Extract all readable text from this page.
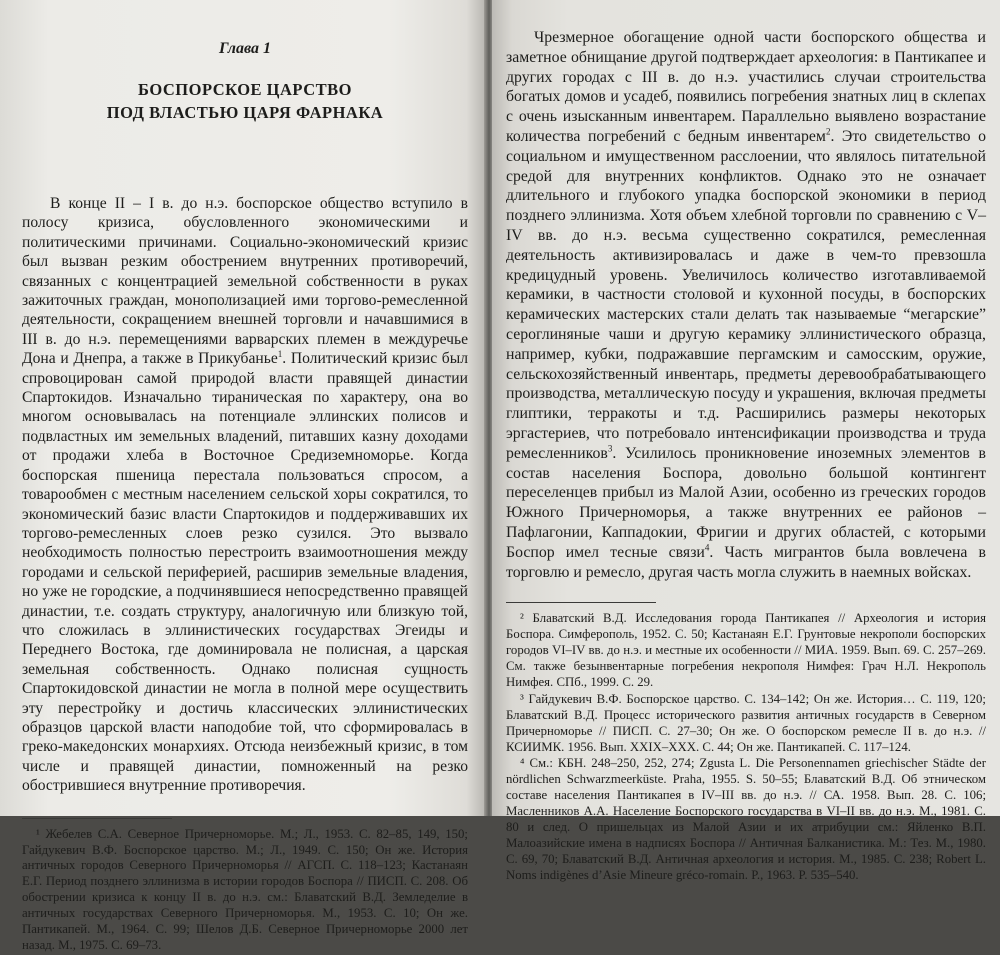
Глава 1
БОСПОРСКОЕ ЦАРСТВО
ПОД ВЛАСТЬЮ ЦАРЯ ФАРНАКА

В конце II – I в. до н.э. боспорское общество вступило в полосу кризиса, обусловленного экономическими и политическими причинами. Социально-экономический кризис был вызван резким обострением внутренних противоречий, связанных с концентрацией земельной собственности в руках зажиточных граждан, монополизацией ими торгово-ремесленной деятельности, сокращением внешней торговли и начавшимися в III в. до н.э. перемещениями варварских племен в междуречье Дона и Днепра, а также в Прикубанье$^1$. Политический кризис был спровоцирован самой природой власти правящей династии Спартокидов. Изначально тираническая по характеру, она во многом основывалась на потенциале эллинских полисов и подвластных им земельных владений, питавших казну доходами от продажи хлеба в Восточное Средиземноморье. Когда боспорская пшеница перестала пользоваться спросом, а товарообмен с местным населением сельской хоры сократился, то экономический базис власти Спартокидов и поддерживавших их торгово-ремесленных слоев резко сузился. Это вызвало необходимость полностью перестроить взаимоотношения между городами и сельской периферией, расширив земельные владения, но уже не городские, а подчинявшиеся непосредственно правящей династии, т.е. создать структуру, аналогичную или близкую той, что сложилась в эллинистических государствах Эгеиды и Переднего Востока, где доминировала не полисная, а царская земельная собственность. Однако полисная сущность Спартокидовской династии не могла в полной мере осуществить эту перестройку и достичь классических эллинистических образцов царской власти наподобие той, что сформировалась в греко-македонских монархиях. Отсюда неизбежный кризис, в том числе и правящей династии, помноженный на резко обострившиеся внутренние противоречия.

¹ Жебелев С.А. Северное Причерноморье. М.; Л., 1953. С. 82–85, 149, 150; Гайдукевич В.Ф. Боспорское царство. М.; Л., 1949. С. 150; Он же. История античных городов Северного Причерноморья // АГСП. С. 118–123; Кастанаян Е.Г. Период позднего эллинизма в истории городов Боспора // ПИСП. С. 208. Об обострении кризиса к концу II в. до н.э. см.: Блаватский В.Д. Земледелие в античных государствах Северного Причерноморья. М., 1953. С. 10; Он же. Пантикапей. М., 1964. С. 99; Шелов Д.Б. Северное Причерноморье 2000 лет назад. М., 1975. С. 69–73.

Чрезмерное обогащение одной части боспорского общества и заметное обнищание другой подтверждает археология: в Пантикапее и других городах с III в. до н.э. участились случаи строительства богатых домов и усадеб, появились погребения знатных лиц в склепах с очень изысканным инвентарем. Параллельно выявлено возрастание количества погребений с бедным инвентарем$^2$. Это свидетельство о социальном и имущественном расслоении, что являлось питательной средой для внутренних конфликтов. Однако это не означает длительного и глубокого упадка боспорской экономики в период позднего эллинизма. Хотя объем хлебной торговли по сравнению с V–IV вв. до н.э. весьма существенно сократился, ремесленная деятельность активизировалась и даже в чем-то превзошла кредицудный уровень. Увеличилось количество изготавливаемой керамики, в частности столовой и кухонной посуды, в боспорских керамических мастерских стали делать так называемые “мегарские” сероглиняные чаши и другую керамику эллинистического образца, например, кубки, подражавшие пергамским и самосским, оружие, сельскохозяйственный инвентарь, предметы деревообрабатывающего производства, металлическую посуду и украшения, включая предметы глиптики, терракоты и т.д. Расширились размеры некоторых эргастериев, что потребовало интенсификации производства и труда ремесленников$^3$. Усилилось проникновение иноземных элементов в состав населения Боспора, довольно большой контингент переселенцев прибыл из Малой Азии, особенно из греческих городов Южного Причерноморья, а также внутренних ее районов – Пафлагонии, Каппадокии, Фригии и других областей, с которыми Боспор имел тесные связи$^4$. Часть мигрантов была вовлечена в торговлю и ремесло, другая часть могла служить в наемных войсках.

² Блаватский В.Д. Исследования города Пантикапея // Археология и история Боспора. Симферополь, 1952. С. 50; Кастанаян Е.Г. Грунтовые некрополи боспорских городов VI–IV вв. до н.э. и местные их особенности // МИА. 1959. Вып. 69. С. 257–269. См. также безынвентарные погребения некрополя Нимфея: Грач Н.Л. Некрополь Нимфея. СПб., 1999. С. 29.

³ Гайдукевич В.Ф. Боспорское царство. С. 134–142; Он же. История… С. 119, 120; Блаватский В.Д. Процесс исторического развития античных государств в Северном Причерноморье // ПИСП. С. 27–30; Он же. О боспорском ремесле II в. до н.э. // КСИИМК. 1956. Вып. XXIX–XXX. С. 44; Он же. Пантикапей. С. 117–124.

⁴ См.: КБН. 248–250, 252, 274; Zgusta L. Die Personennamen griechischer Städte der nördlichen Schwarzmeerküste. Praha, 1955. S. 50–55; Блаватский В.Д. Об этническом составе населения Пантикапея в IV–III вв. до н.э. // СА. 1958. Вып. 28. С. 106; Масленников А.А. Население Боспорского государства в VI–II вв. до н.э. М., 1981. С. 80 и след. О пришельцах из Малой Азии и их атрибуции см.: Яйленко В.П. Малоазийские имена в надписях Боспора // Античная Балканистика. М.: Тез. М., 1980. С. 69, 70; Блаватский В.Д. Античная археология и история. М., 1985. С. 238; Robert L. Noms indigènes d’Asie Mineure gréco-romain. P., 1963. P. 535–540.
